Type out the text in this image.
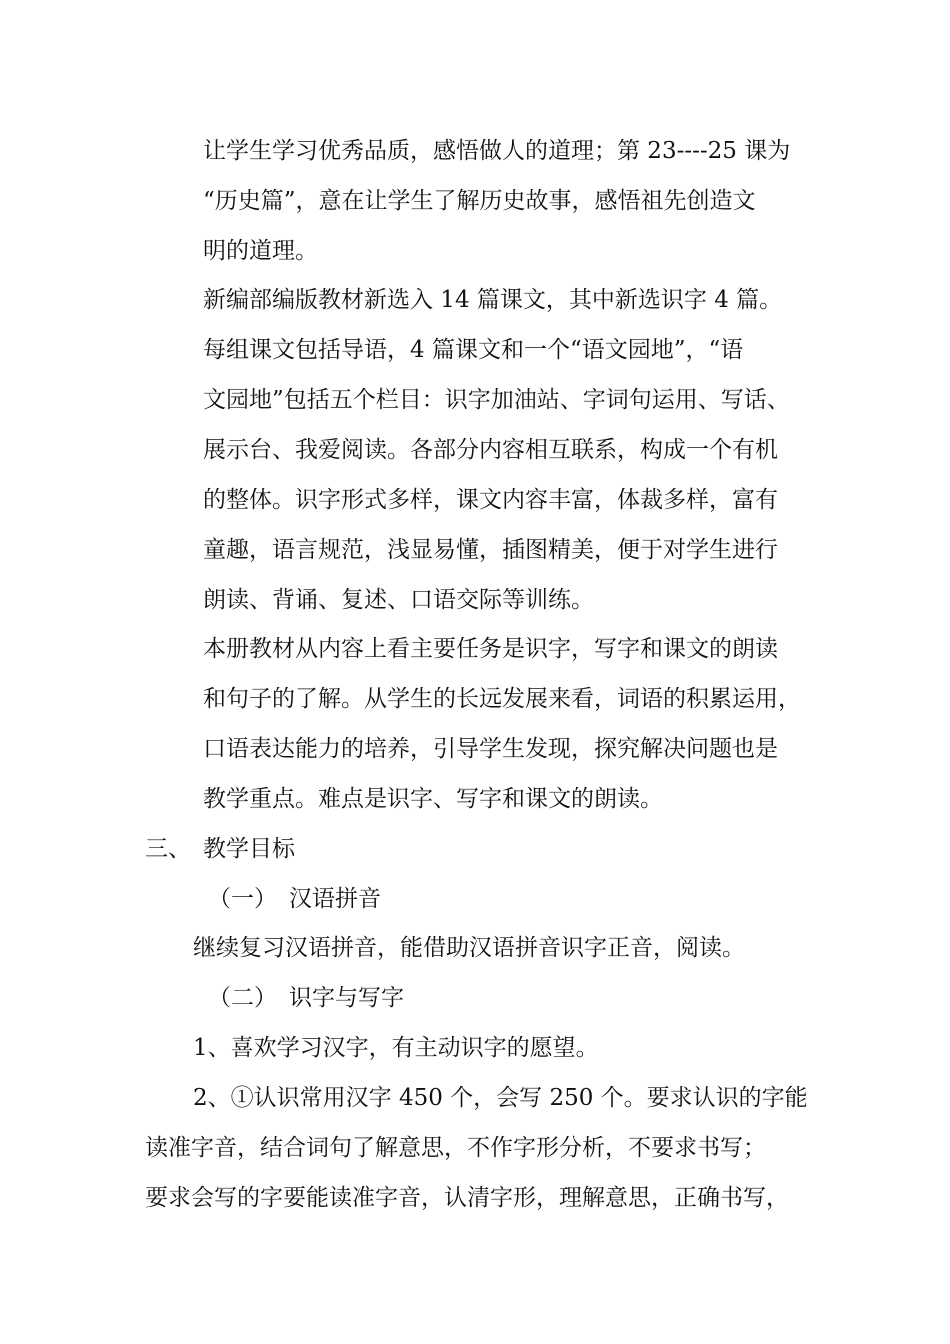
让学生学习优秀品质，感悟做人的道理；第 23----25 课为
“历史篇”，意在让学生了解历史故事，感悟祖先创造文
明的道理。
新编部编版教材新选入 14 篇课文，其中新选识字 4 篇。
每组课文包括导语，4 篇课文和一个“语文园地”，“语
文园地”包括五个栏目：识字加油站、字词句运用、写话、
展示台、我爱阅读。各部分内容相互联系，构成一个有机
的整体。识字形式多样，课文内容丰富，体裁多样，富有
童趣，语言规范，浅显易懂，插图精美，便于对学生进行
朗读、背诵、复述、口语交际等训练。
本册教材从内容上看主要任务是识字，写字和课文的朗读
和句子的了解。从学生的长远发展来看，词语的积累运用，
口语表达能力的培养，引导学生发现，探究解决问题也是
教学重点。难点是识字、写字和课文的朗读。
三、 教学目标
（一） 汉语拼音
继续复习汉语拼音，能借助汉语拼音识字正音，阅读。
（二） 识字与写字
1、喜欢学习汉字，有主动识字的愿望。
2、①认识常用汉字 450 个，会写 250 个。要求认识的字能
读准字音，结合词句了解意思，不作字形分析，不要求书写；
要求会写的字要能读准字音，认清字形，理解意思，正确书写，
